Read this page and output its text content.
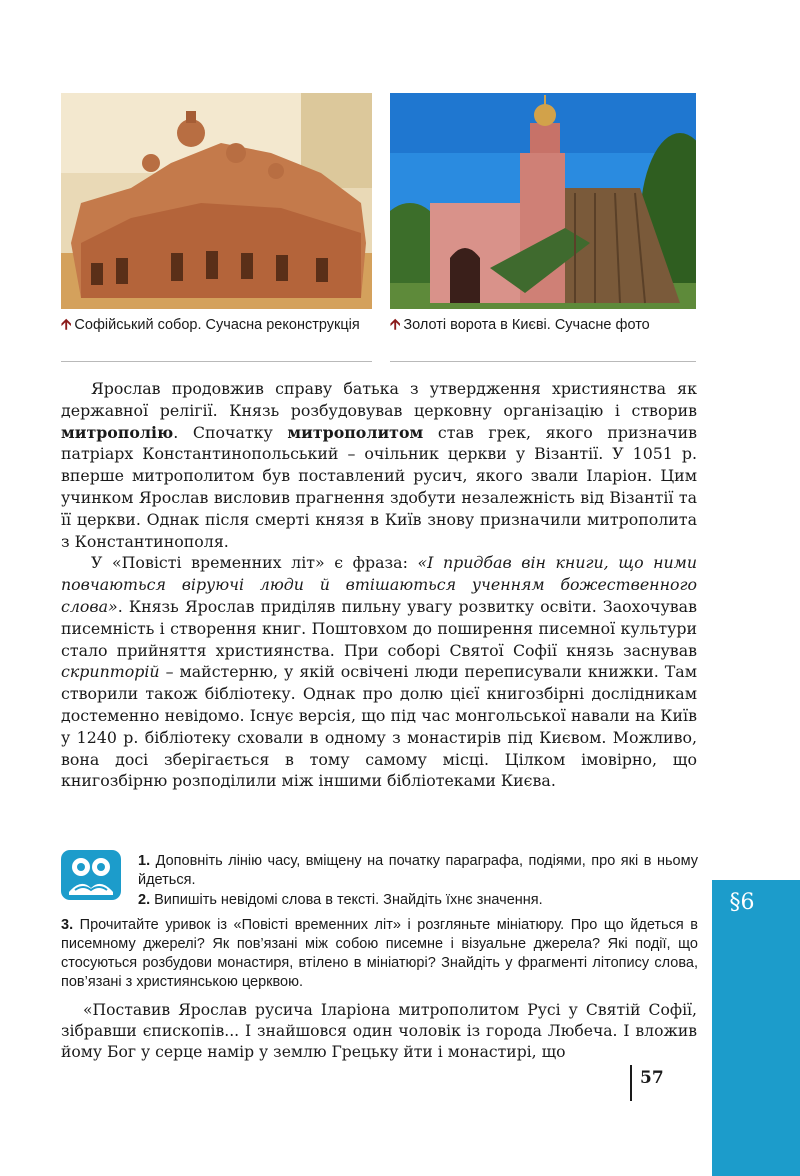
🡩 Софійський собор. Сучасна реконструкція	🡩 Золоті ворота в Києві. Сучасне фото

Ярослав продовжив справу батька з утвердження християнства як державної релігії. Князь розбудовував церковну організацію і створив митрополію. Спочатку митрополитом став грек, якого призначив патріарх Константинопольський – очільник церкви у Візантії. У 1051 р. вперше митрополитом був поставлений русич, якого звали Іларіон. Цим учинком Ярослав висловив прагнення здобути незалежність від Візантії та її церкви. Однак після смерті князя в Київ знову призначили митрополита з Константинополя.

У «Повісті временних літ» є фраза: «І придбав він книги, що ними повчаються віруючі люди й втішаються ученням божественного слова». Князь Ярослав приділяв пильну увагу розвитку освіти. Заохочував писемність і створення книг. Поштовхом до поширення писемної культури стало прийняття християнства. При соборі Святої Софії князь заснував скрипторій – майстерню, у якій освічені люди переписували книжки. Там створили також бібліотеку. Однак про долю цієї книгозбірні дослідникам достеменно невідомо. Існує версія, що під час монгольської навали на Київ у 1240 р. бібліотеку сховали в одному з монастирів під Києвом. Можливо, вона досі зберігається в тому самому місці. Цілком імовірно, що книгозбірню розподілили між іншими бібліотеками Києва.

1. Доповніть лінію часу, вміщену на початку параграфа, подіями, про які в ньому йдеться.
2. Випишіть невідомі слова в тексті. Знайдіть їхнє значення.
3. Прочитайте уривок із «Повісті временних літ» і розгляньте мініатюру. Про що йдеться в писемному джерелі? Як пов’язані між собою писемне і візуальне джерела? Які події, що стосуються розбудови монастиря, втілено в мініатюрі? Знайдіть у фрагменті літопису слова, пов’язані з християнською церквою.

«Поставив Ярослав русича Іларіона митрополитом Русі у Святій Софії, зібравши єпископів... І знайшовся один чоловік із города Любеча. І вложив йому Бог у серце намір у землю Грецьку йти і монастирі, що

57
§6
